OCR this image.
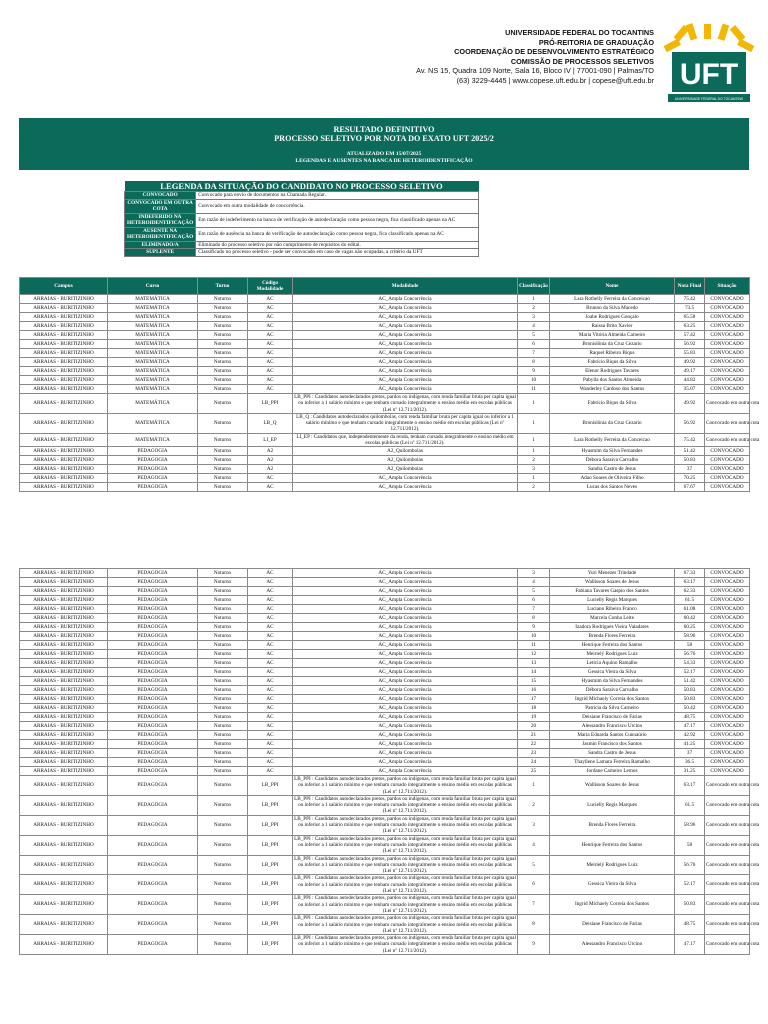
UNIVERSIDADE FEDERAL DO TOCANTINS
PRÓ-REITORIA DE GRADUAÇÃO
COORDENAÇÃO DE DESENVOLVIMENTO ESTRATÉGICO
COMISSÃO DE PROCESSOS SELETIVOS
Av. NS 15, Quadra 109 Norte, Sala 16, Bloco IV | 77001-090 | Palmas/TO
(63) 3229-4445 | www.copese.uft.edu.br | copese@uft.edu.br UFT
UNIVERSIDADE FEDERAL DO TOCANTINS
RESULTADO DEFINITIVO
PROCESSO SELETIVO POR NOTA DO EXATO UFT 2025/2
ATUALIZADO EM 15/07/2025
LEGENDAS E AUSENTES NA BANCA DE HETEROIDENTIFICAÇÃO
LEGENDA DA SITUAÇÃO DO CANDIDATO NO PROCESSO SELETIVO	
CONVOCADO	Convocado para envio de documentos na Chamada Regular.
CONVOCADO EM OUTRA COTA	Convocado em outra modalidade de concorrência.
INDEFERIDO NA HETEROIDENTIFICAÇÃO	Em razão de indeferimento na banca de verificação de autodeclaração como pessoa negra, fica classificado apenas na AC
AUSENTE NA HETEROIDENTIFICAÇÃO	Em razão de ausência na banca de verificação de autodeclaração como pessoa negra, fica classificado apenas na AC
ELIMINADO/A	Eliminado do processo seletivo por não cumprimento de requisitos do edital.
SUPLENTE	Classificado no processo seletivo - pode ser convocado em caso de vagas não ocupadas, a critério da UFT
Campus	Curso	Turno	Código Modalidade	Modalidade	Classificação	Nome	Nota Final	Situação
ARRAIAS - BURITIZINHO	MATEMÁTICA	Noturno	AC	AC_Ampla Concorrência	1	Lara Rothelly Ferreira da Conceicao	75.42	CONVOCADO
ARRAIAS - BURITIZINHO	MATEMÁTICA	Noturno	AC	AC_Ampla Concorrência	2	Brunno da Silva Macedo	73.5	CONVOCADO
ARRAIAS - BURITIZINHO	MATEMÁTICA	Noturno	AC	AC_Ampla Concorrência	3	Joabe Rodrigues Gonçalo	65.58	CONVOCADO
ARRAIAS - BURITIZINHO	MATEMÁTICA	Noturno	AC	AC_Ampla Concorrência	4	Raissa Brito Xavier	63.25	CONVOCADO
ARRAIAS - BURITIZINHO	MATEMÁTICA	Noturno	AC	AC_Ampla Concorrência	5	Maria Vitória Almeida Carneiro	57.42	CONVOCADO
ARRAIAS - BURITIZINHO	MATEMÁTICA	Noturno	AC	AC_Ampla Concorrência	6	Bronislônia da Cruz Cezario	56.92	CONVOCADO
ARRAIAS - BURITIZINHO	MATEMÁTICA	Noturno	AC	AC_Ampla Concorrência	7	Raquel Ribeiro Biqus	55.83	CONVOCADO
ARRAIAS - BURITIZINHO	MATEMÁTICA	Noturno	AC	AC_Ampla Concorrência	8	Fabrício Biqus da Silva	49.92	CONVOCADO
ARRAIAS - BURITIZINHO	MATEMÁTICA	Noturno	AC	AC_Ampla Concorrência	9	Elenor Rodrigues Tavares	49.17	CONVOCADO
ARRAIAS - BURITIZINHO	MATEMÁTICA	Noturno	AC	AC_Ampla Concorrência	10	Pabylla dos Santos Almeida	44.82	CONVOCADO
ARRAIAS - BURITIZINHO	MATEMÁTICA	Noturno	AC	AC_Ampla Concorrência	11	Wanderley Cardoso dos Santos	35.07	CONVOCADO
ARRAIAS - BURITIZINHO	MATEMÁTICA	Noturno	LB_PPI	LB_PPI : Candidatos autodeclarados pretos, pardos ou indígenas, com renda familiar bruta per capita igual ou inferior a 1 salário mínimo e que tenham cursado integralmente o ensino médio em escolas públicas (Lei nº 12.711/2012).	1	Fabrício Biqus da Silva	49.92	Convocado em outra cota
ARRAIAS - BURITIZINHO	MATEMÁTICA	Noturno	LB_Q	LB_Q : Candidatos autodeclarados quilombolas, com renda familiar bruta per capita igual ou inferior a 1 salário mínimo e que tenham cursado integralmente o ensino médio em escolas públicas (Lei nº 12.711/2012).	1	Bronislônia da Cruz Cezario	56.92	Convocado em outra cota
ARRAIAS - BURITIZINHO	MATEMÁTICA	Noturno	LI_EP	LI_EP : Candidatos que, independentemente da renda, tenham cursado integralmente o ensino médio em escolas públicas (Lei nº 12.711/2012).	1	Lara Rothelly Ferreira da Conceicao	75.42	Convocado em outra cota
ARRAIAS - BURITIZINHO	PEDAGOGIA	Noturno	A2	A2_Quilombolas	1	Hyasmim da Silva Fernandes	51.42	CONVOCADO
ARRAIAS - BURITIZINHO	PEDAGOGIA	Noturno	A2	A2_Quilombolas	2	Débora Saraiva Carvalho	50.83	CONVOCADO
ARRAIAS - BURITIZINHO	PEDAGOGIA	Noturno	A2	A2_Quilombolas	3	Sandra Castro de Jesus	37	CONVOCADO
ARRAIAS - BURITIZINHO	PEDAGOGIA	Noturno	AC	AC_Ampla Concorrência	1	Adao Soares de Oliveira Filho	70.25	CONVOCADO
ARRAIAS - BURITIZINHO	PEDAGOGIA	Noturno	AC	AC_Ampla Concorrência	2	Lucas dos Santos Neves	67.67	CONVOCADO
ARRAIAS - BURITIZINHO	PEDAGOGIA	Noturno	AC	AC_Ampla Concorrência	3	Yuri Menezes Trindade	67.33	CONVOCADO
ARRAIAS - BURITIZINHO	PEDAGOGIA	Noturno	AC	AC_Ampla Concorrência	4	Wallisson Soares de Jesus	63.17	CONVOCADO
ARRAIAS - BURITIZINHO	PEDAGOGIA	Noturno	AC	AC_Ampla Concorrência	5	Fabiana Tavares Gaspio dos Santos	62.33	CONVOCADO
ARRAIAS - BURITIZINHO	PEDAGOGIA	Noturno	AC	AC_Ampla Concorrência	6	Lucielly Regis Marques	61.5	CONVOCADO
ARRAIAS - BURITIZINHO	PEDAGOGIA	Noturno	AC	AC_Ampla Concorrência	7	Luciano Ribeiro Franco	61.08	CONVOCADO
ARRAIAS - BURITIZINHO	PEDAGOGIA	Noturno	AC	AC_Ampla Concorrência	8	Marcela Cunha Leite	60.42	CONVOCADO
ARRAIAS - BURITIZINHO	PEDAGOGIA	Noturno	AC	AC_Ampla Concorrência	9	Izadora Rodrigues Vieira Valadares	60.25	CONVOCADO
ARRAIAS - BURITIZINHO	PEDAGOGIA	Noturno	AC	AC_Ampla Concorrência	10	Brenda Flores Ferreira	58.96	CONVOCADO
ARRAIAS - BURITIZINHO	PEDAGOGIA	Noturno	AC	AC_Ampla Concorrência	11	Henrique Ferreira dos Santos	58	CONVOCADO
ARRAIAS - BURITIZINHO	PEDAGOGIA	Noturno	AC	AC_Ampla Concorrência	12	Meirielý Rodrigues Luiz	56.76	CONVOCADO
ARRAIAS - BURITIZINHO	PEDAGOGIA	Noturno	AC	AC_Ampla Concorrência	13	Letícia Aquino Ramalho	54.33	CONVOCADO
ARRAIAS - BURITIZINHO	PEDAGOGIA	Noturno	AC	AC_Ampla Concorrência	14	Gessica Vieira da Silva	52.17	CONVOCADO
ARRAIAS - BURITIZINHO	PEDAGOGIA	Noturno	AC	AC_Ampla Concorrência	15	Hyasmim da Silva Fernandes	51.42	CONVOCADO
ARRAIAS - BURITIZINHO	PEDAGOGIA	Noturno	AC	AC_Ampla Concorrência	16	Débora Saraiva Carvalho	50.83	CONVOCADO
ARRAIAS - BURITIZINHO	PEDAGOGIA	Noturno	AC	AC_Ampla Concorrência	17	Ingrid Michaely Correia dos Santos	50.83	CONVOCADO
ARRAIAS - BURITIZINHO	PEDAGOGIA	Noturno	AC	AC_Ampla Concorrência	18	Patricia da Silva Carneiro	50.42	CONVOCADO
ARRAIAS - BURITIZINHO	PEDAGOGIA	Noturno	AC	AC_Ampla Concorrência	19	Deisiane Francisco de Farias	48.75	CONVOCADO
ARRAIAS - BURITIZINHO	PEDAGOGIA	Noturno	AC	AC_Ampla Concorrência	20	Alessandro Francisco Urcino	47.17	CONVOCADO
ARRAIAS - BURITIZINHO	PEDAGOGIA	Noturno	AC	AC_Ampla Concorrência	21	Maria Eduarda Santos Cunnaúrio	42.92	CONVOCADO
ARRAIAS - BURITIZINHO	PEDAGOGIA	Noturno	AC	AC_Ampla Concorrência	22	Jasmin Francisco dos Santos	41.25	CONVOCADO
ARRAIAS - BURITIZINHO	PEDAGOGIA	Noturno	AC	AC_Ampla Concorrência	23	Sandra Castro de Jesus	37	CONVOCADO
ARRAIAS - BURITIZINHO	PEDAGOGIA	Noturno	AC	AC_Ampla Concorrência	24	Thayllene Lamara Ferreira Ramalho	36.5	CONVOCADO
ARRAIAS - BURITIZINHO	PEDAGOGIA	Noturno	AC	AC_Ampla Concorrência	25	Jordane Carneiro Lemos	31.25	CONVOCADO
ARRAIAS - BURITIZINHO	PEDAGOGIA	Noturno	LB_PPI	LB_PPI : Candidatos autodeclarados pretos, pardos ou indígenas, com renda familiar bruta per capita igual ou inferior a 1 salário mínimo e que tenham cursado integralmente o ensino médio em escolas públicas (Lei nº 12.711/2012).	1	Wallisson Soares de Jesus	63.17	Convocado em outra cota
ARRAIAS - BURITIZINHO	PEDAGOGIA	Noturno	LB_PPI	LB_PPI : Candidatos autodeclarados pretos, pardos ou indígenas, com renda familiar bruta per capita igual ou inferior a 1 salário mínimo e que tenham cursado integralmente o ensino médio em escolas públicas (Lei nº 12.711/2012).	2	Lucielly Regis Marques	61.5	Convocado em outra cota
ARRAIAS - BURITIZINHO	PEDAGOGIA	Noturno	LB_PPI	LB_PPI : Candidatos autodeclarados pretos, pardos ou indígenas, com renda familiar bruta per capita igual ou inferior a 1 salário mínimo e que tenham cursado integralmente o ensino médio em escolas públicas (Lei nº 12.711/2012).	3	Brenda Flores Ferreira	58.96	Convocado em outra cota
ARRAIAS - BURITIZINHO	PEDAGOGIA	Noturno	LB_PPI	LB_PPI : Candidatos autodeclarados pretos, pardos ou indígenas, com renda familiar bruta per capita igual ou inferior a 1 salário mínimo e que tenham cursado integralmente o ensino médio em escolas públicas (Lei nº 12.711/2012).	4	Henrique Ferreira dos Santos	58	Convocado em outra cota
ARRAIAS - BURITIZINHO	PEDAGOGIA	Noturno	LB_PPI	LB_PPI : Candidatos autodeclarados pretos, pardos ou indígenas, com renda familiar bruta per capita igual ou inferior a 1 salário mínimo e que tenham cursado integralmente o ensino médio em escolas públicas (Lei nº 12.711/2012).	5	Meirielý Rodrigues Luiz	56.76	Convocado em outra cota
ARRAIAS - BURITIZINHO	PEDAGOGIA	Noturno	LB_PPI	LB_PPI : Candidatos autodeclarados pretos, pardos ou indígenas, com renda familiar bruta per capita igual ou inferior a 1 salário mínimo e que tenham cursado integralmente o ensino médio em escolas públicas (Lei nº 12.711/2012).	6	Gessica Vieira da Silva	52.17	Convocado em outra cota
ARRAIAS - BURITIZINHO	PEDAGOGIA	Noturno	LB_PPI	LB_PPI : Candidatos autodeclarados pretos, pardos ou indígenas, com renda familiar bruta per capita igual ou inferior a 1 salário mínimo e que tenham cursado integralmente o ensino médio em escolas públicas (Lei nº 12.711/2012).	7	Ingrid Michaely Correia dos Santos	50.83	Convocado em outra cota
ARRAIAS - BURITIZINHO	PEDAGOGIA	Noturno	LB_PPI	LB_PPI : Candidatos autodeclarados pretos, pardos ou indígenas, com renda familiar bruta per capita igual ou inferior a 1 salário mínimo e que tenham cursado integralmente o ensino médio em escolas públicas (Lei nº 12.711/2012).	8	Deisiane Francisco de Farias	48.75	Convocado em outra cota
ARRAIAS - BURITIZINHO	PEDAGOGIA	Noturno	LB_PPI	LB_PPI : Candidatos autodeclarados pretos, pardos ou indígenas, com renda familiar bruta per capita igual ou inferior a 1 salário mínimo e que tenham cursado integralmente o ensino médio em escolas públicas (Lei nº 12.711/2012).	9	Alessandro Francisco Urcino	47.17	Convocado em outra cota
